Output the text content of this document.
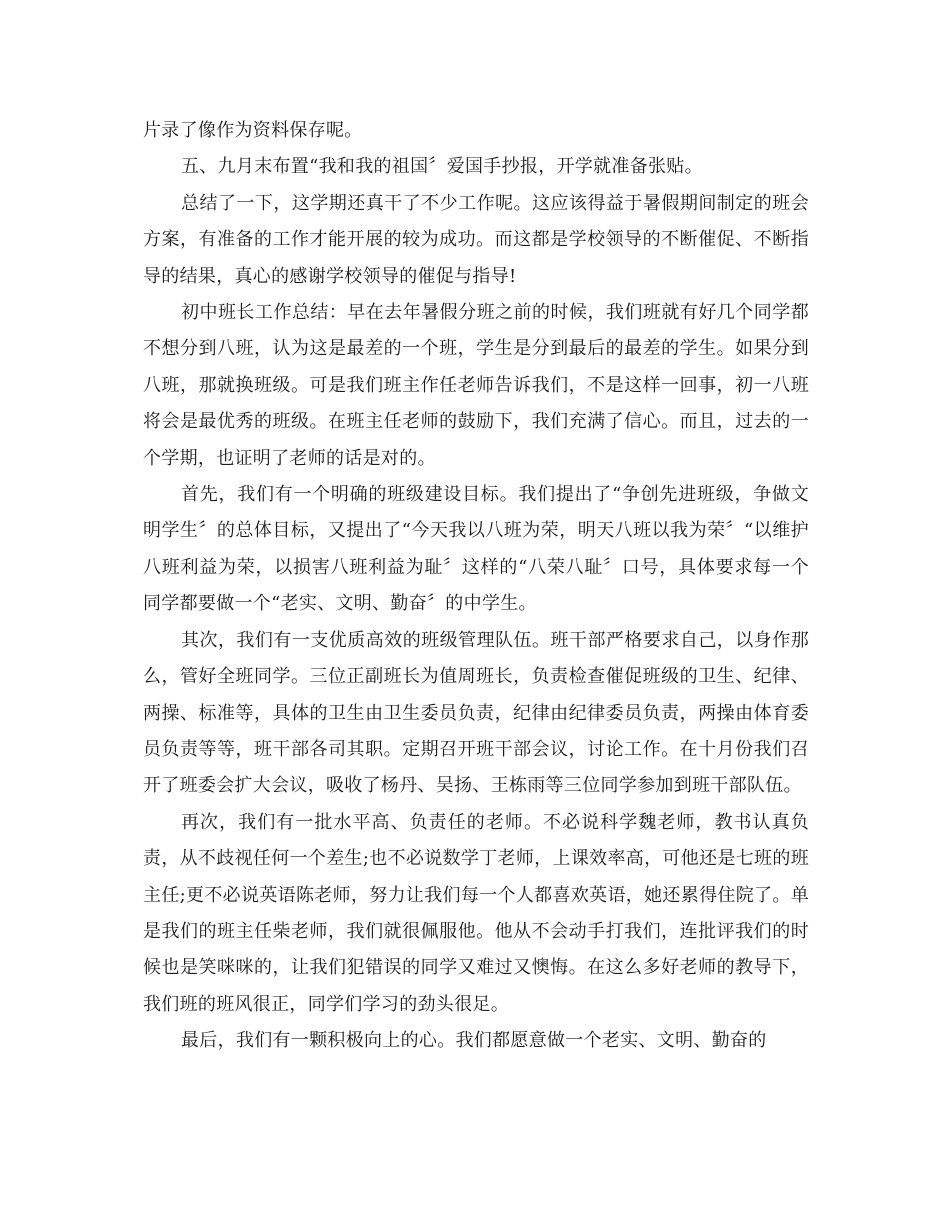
片录了像作为资料保存呢。

五、九月末布置“我和我的祖国〞爱国手抄报，开学就准备张贴。

总结了一下，这学期还真干了不少工作呢。这应该得益于暑假期间制定的班会方案，有准备的工作才能开展的较为成功。而这都是学校领导的不断催促、不断指导的结果，真心的感谢学校领导的催促与指导!

初中班长工作总结：早在去年暑假分班之前的时候，我们班就有好几个同学都不想分到八班，认为这是最差的一个班，学生是分到最后的最差的学生。如果分到八班，那就换班级。可是我们班主作任老师告诉我们，不是这样一回事，初一八班将会是最优秀的班级。在班主任老师的鼓励下，我们充满了信心。而且，过去的一个学期，也证明了老师的话是对的。

首先，我们有一个明确的班级建设目标。我们提出了“争创先进班级，争做文明学生〞的总体目标，又提出了“今天我以八班为荣，明天八班以我为荣〞“以维护八班利益为荣，以损害八班利益为耻〞这样的“八荣八耻〞口号，具体要求每一个同学都要做一个“老实、文明、勤奋〞的中学生。

其次，我们有一支优质高效的班级管理队伍。班干部严格要求自己，以身作那么，管好全班同学。三位正副班长为值周班长，负责检查催促班级的卫生、纪律、两操、标准等，具体的卫生由卫生委员负责，纪律由纪律委员负责，两操由体育委员负责等等，班干部各司其职。定期召开班干部会议，讨论工作。在十月份我们召开了班委会扩大会议，吸收了杨丹、吴扬、王栋雨等三位同学参加到班干部队伍。

再次，我们有一批水平高、负责任的老师。不必说科学魏老师，教书认真负责，从不歧视任何一个差生;也不必说数学丁老师，上课效率高，可他还是七班的班主任;更不必说英语陈老师，努力让我们每一个人都喜欢英语，她还累得住院了。单是我们的班主任柴老师，我们就很佩服他。他从不会动手打我们，连批评我们的时候也是笑咪咪的，让我们犯错误的同学又难过又懊悔。在这么多好老师的教导下，我们班的班风很正，同学们学习的劲头很足。

最后，我们有一颗积极向上的心。我们都愿意做一个老实、文明、勤奋的
